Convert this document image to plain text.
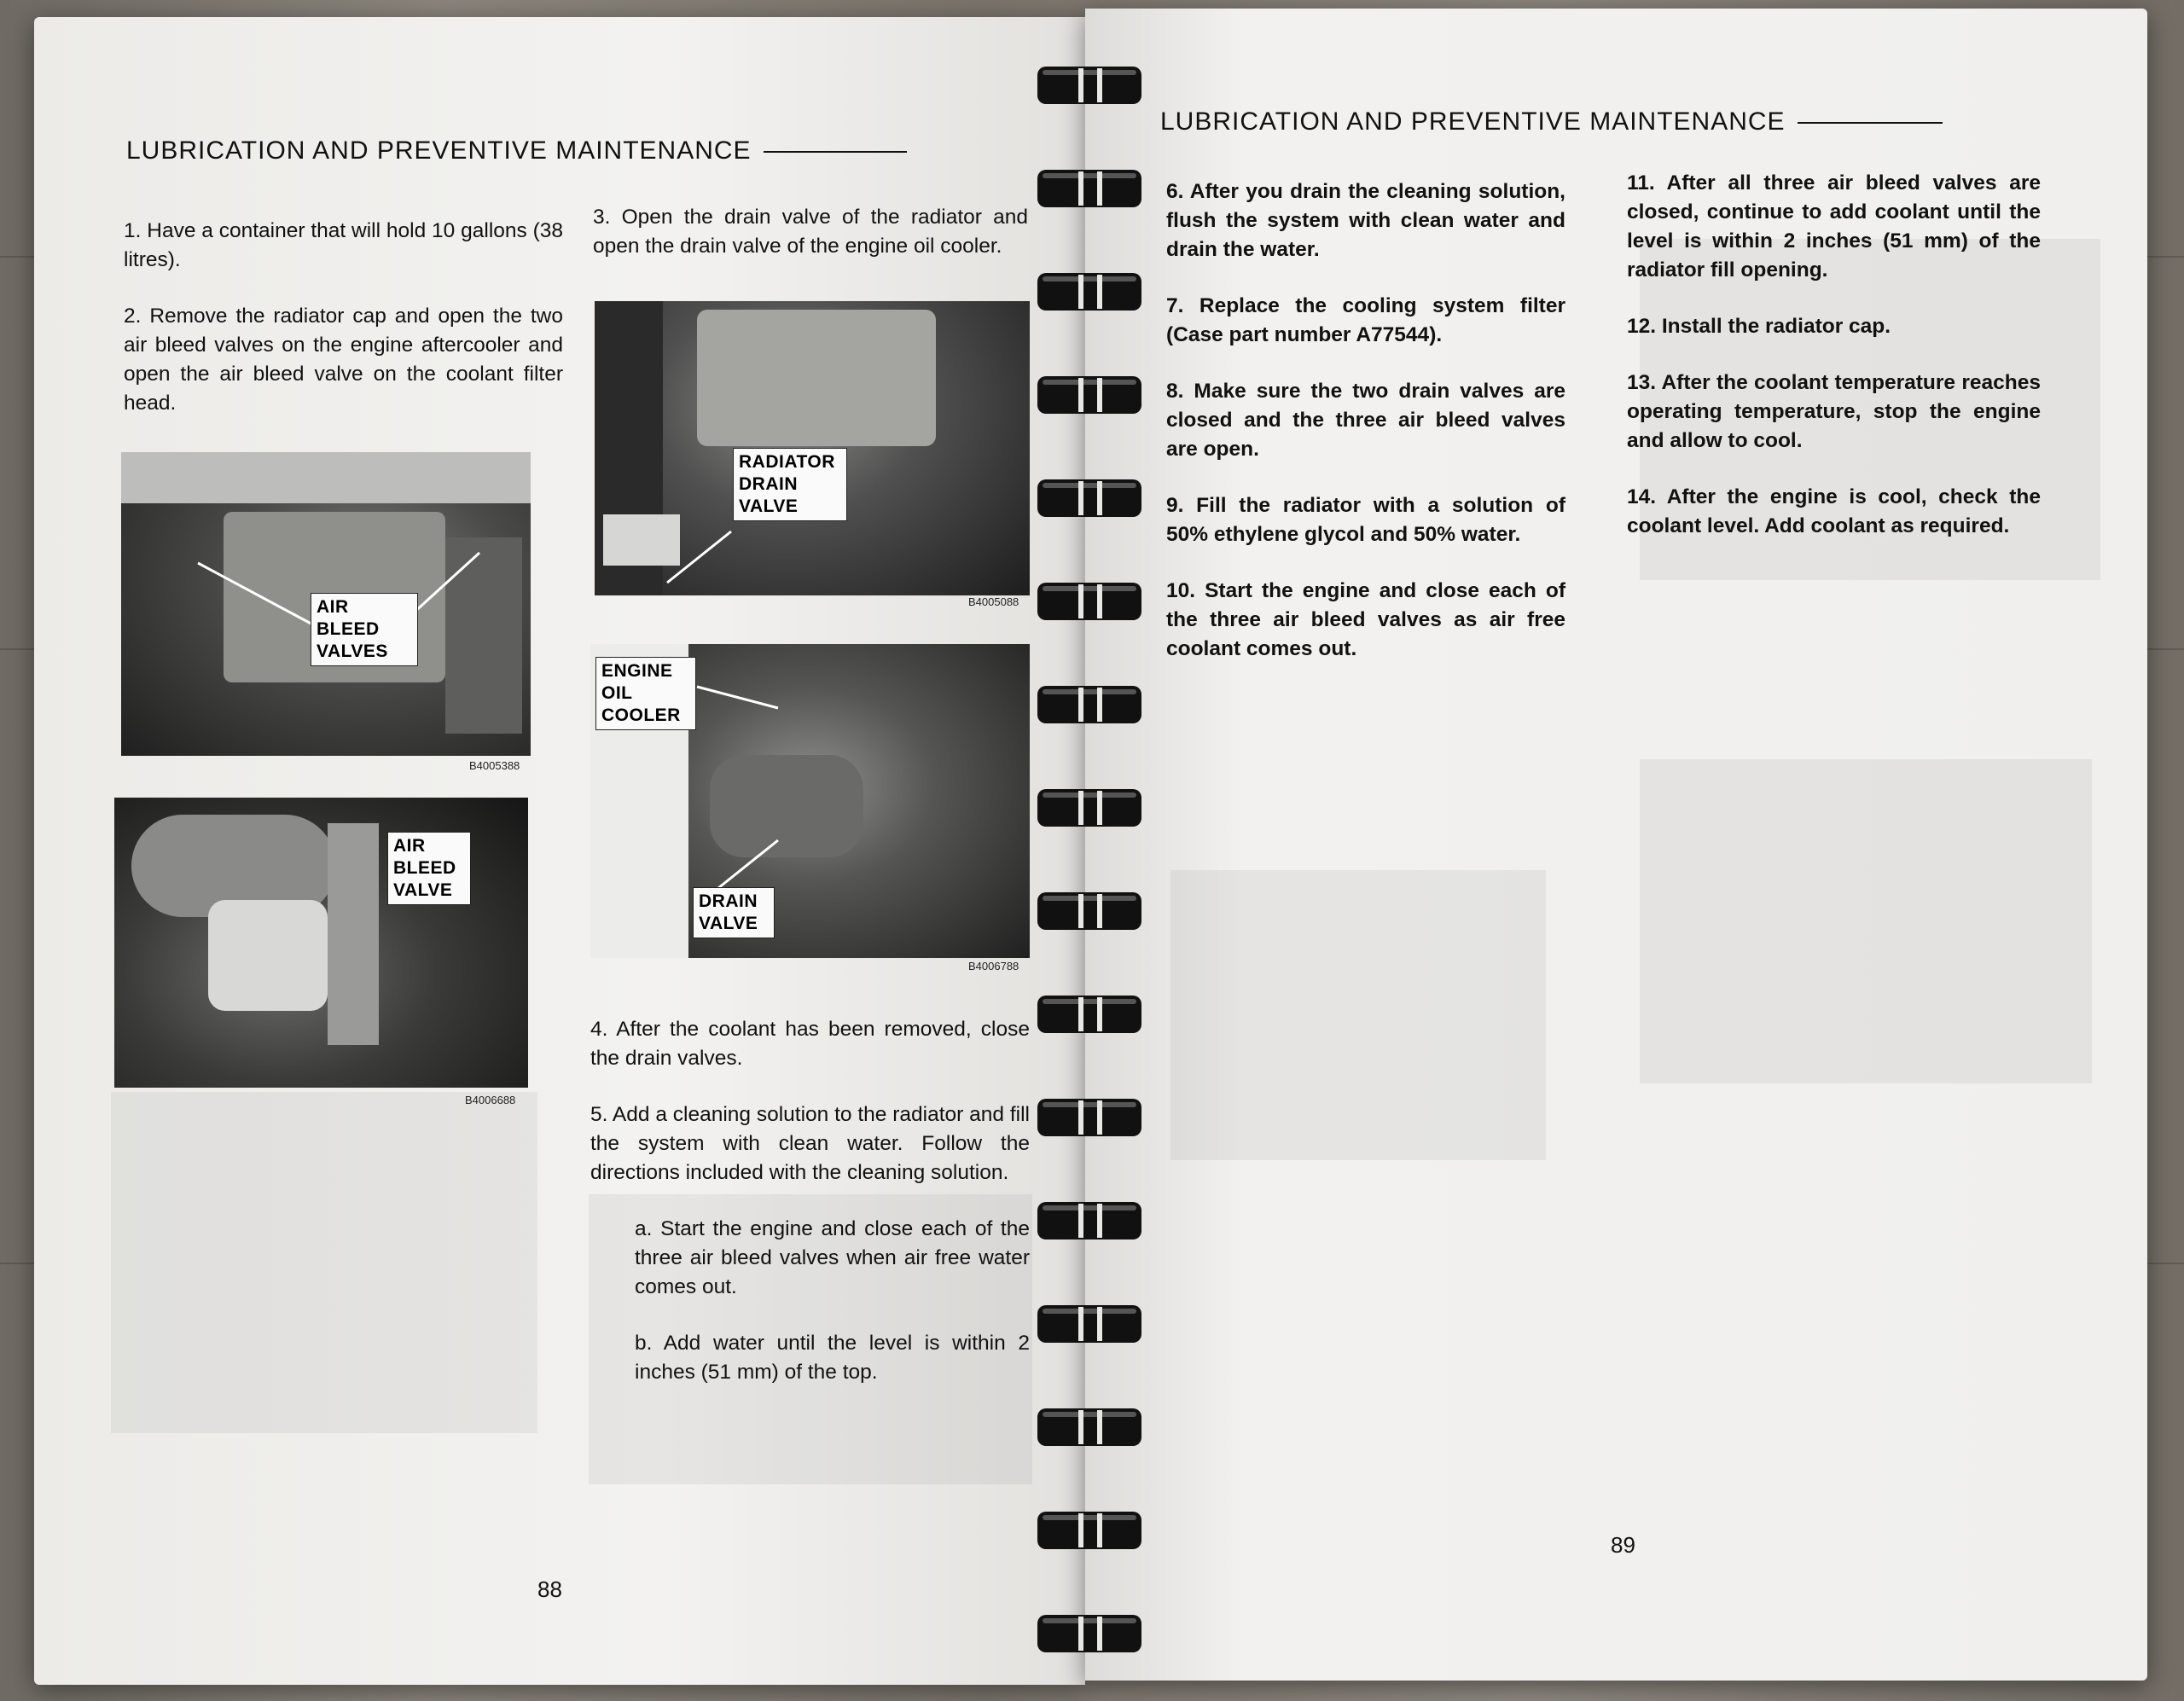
LUBRICATION AND PREVENTIVE MAINTENANCE

1. Have a container that will hold 10 gallons (38 litres).

2. Remove the radiator cap and open the two air bleed valves on the engine aftercooler and open the air bleed valve on the coolant filter head.

AIR BLEED VALVES
B4005388
AIR BLEED VALVE
B4006688

3. Open the drain valve of the radiator and open the drain valve of the engine oil cooler.

RADIATOR DRAIN VALVE
B4005088
ENGINE OIL COOLER
DRAIN VALVE
B4006788

4. After the coolant has been removed, close the drain valves.

5. Add a cleaning solution to the radiator and fill the system with clean water. Follow the directions included with the cleaning solution.

a. Start the engine and close each of the three air bleed valves when air free water comes out.

b. Add water until the level is within 2 inches (51 mm) of the top.

88
LUBRICATION AND PREVENTIVE MAINTENANCE

6. After you drain the cleaning solution, flush the system with clean water and drain the water.

7. Replace the cooling system filter (Case part number A77544).

8. Make sure the two drain valves are closed and the three air bleed valves are open.

9. Fill the radiator with a solution of 50% ethylene glycol and 50% water.

10. Start the engine and close each of the three air bleed valves as air free coolant comes out.

11. After all three air bleed valves are closed, continue to add coolant until the level is within 2 inches (51 mm) of the radiator fill opening.

12. Install the radiator cap.

13. After the coolant temperature reaches operating temperature, stop the engine and allow to cool.

14. After the engine is cool, check the coolant level. Add coolant as required.

89
